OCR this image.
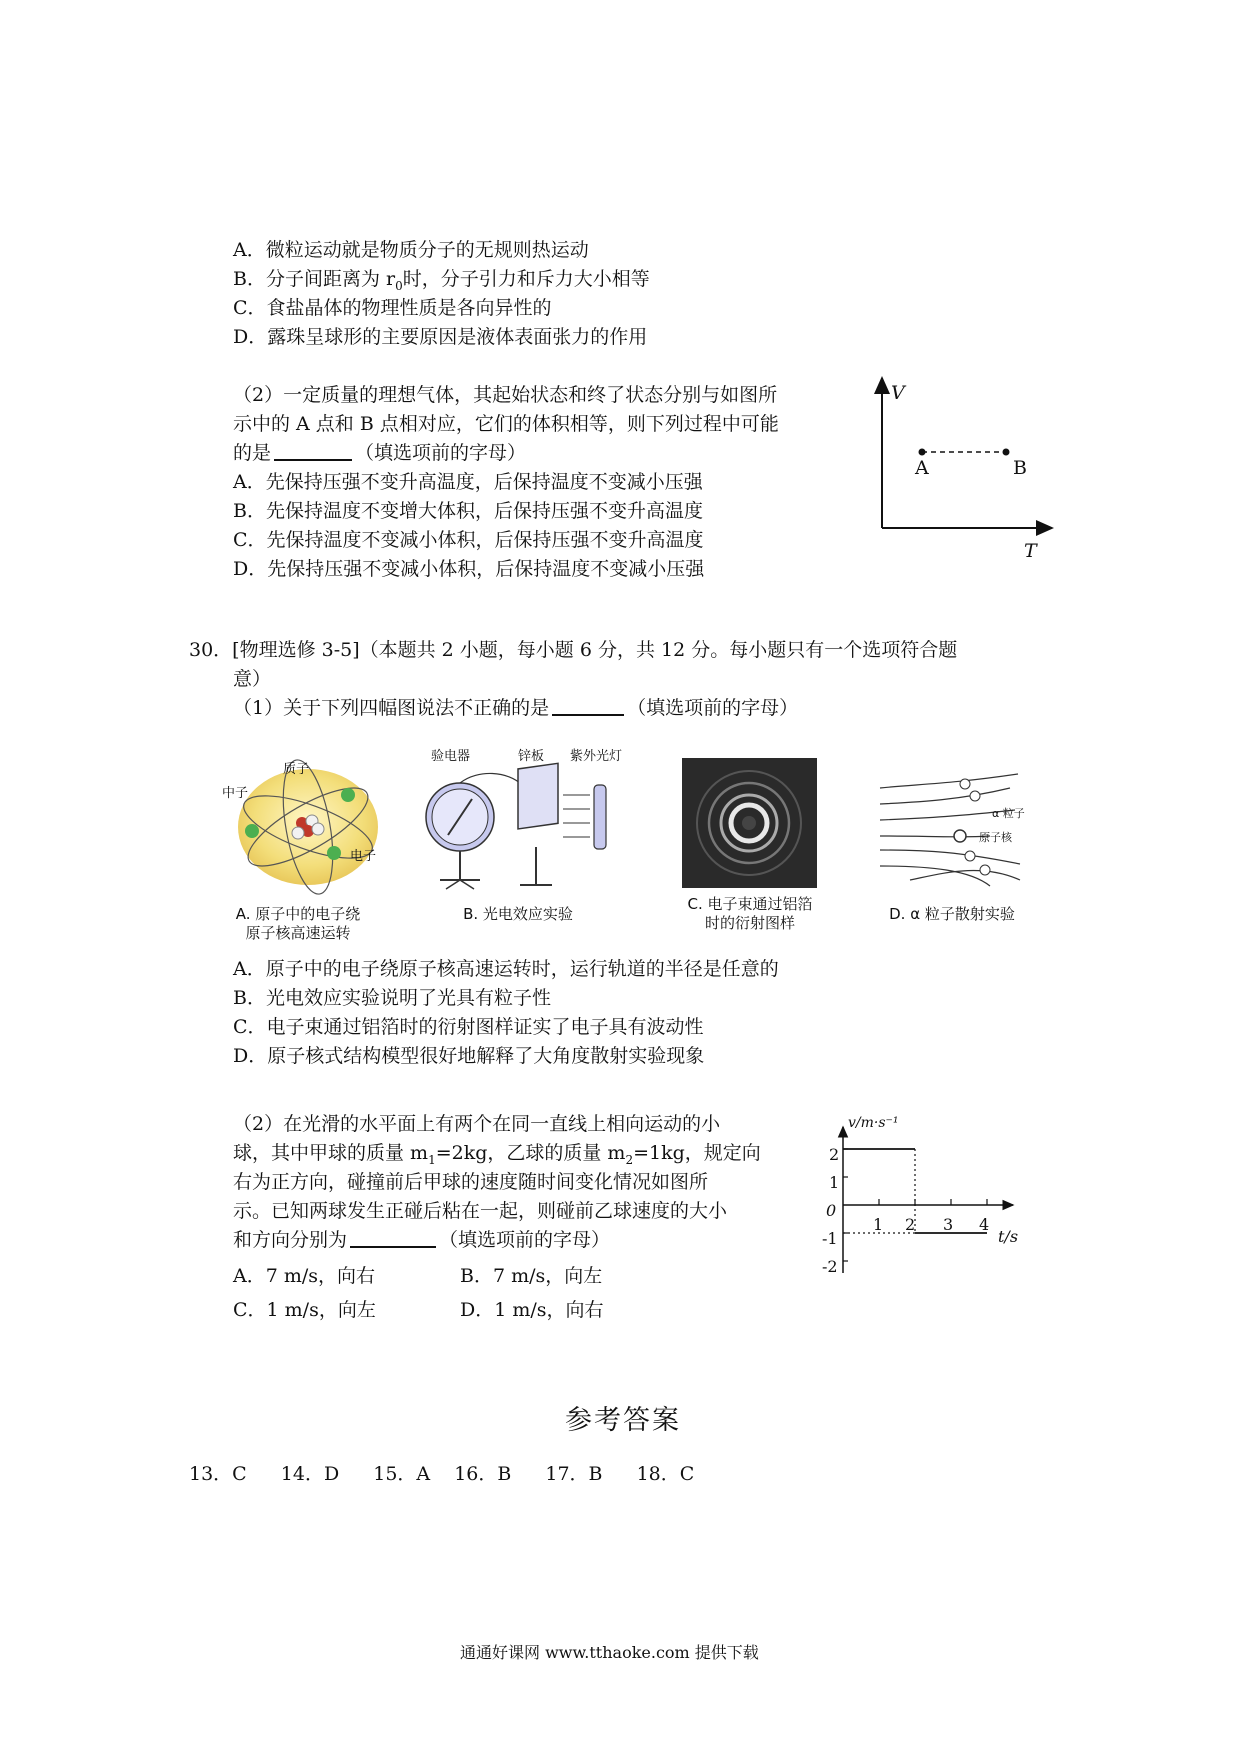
A．微粒运动就是物质分子的无规则热运动
B．分子间距离为 $r_0$时，分子引力和斥力大小相等
C．食盐晶体的物理性质是各向异性的
D．露珠呈球形的主要原因是液体表面张力的作用
（2）一定质量的理想气体，其起始状态和终了状态分别与如图所
示中的 A 点和 B 点相对应，它们的体积相等，则下列过程中可能
的是	（填选项前的字母）
A．先保持压强不变升高温度，后保持温度不变减小压强
B．先保持温度不变增大体积，后保持压强不变升高温度
C．先保持温度不变减小体积，后保持压强不变升高温度
D．先保持压强不变减小体积，后保持温度不变减小压强
V
T
A	B
30．[物理选修 3-5]（本题共 2 小题，每小题 6 分，共 12 分。每小题只有一个选项符合题
意）
（1）关于下列四幅图说法不正确的是	（填选项前的字母）
质子
中子
电子
A. 原子中的电子绕
原子核高速运转
验电器	锌板 紫外光灯
B. 光电效应实验
C. 电子束通过铝箔
时的衍射图样
α 粒子
原子核
D. α 粒子散射实验
A．原子中的电子绕原子核高速运转时，运行轨道的半径是任意的
B．光电效应实验说明了光具有粒子性
C．电子束通过铝箔时的衍射图样证实了电子具有波动性
D．原子核式结构模型很好地解释了大角度散射实验现象
（2）在光滑的水平面上有两个在同一直线上相向运动的小
球，其中甲球的质量 $m_1=2kg$，乙球的质量 $m_2=1kg$，规定向
右为正方向，碰撞前后甲球的速度随时间变化情况如图所
示。已知两球发生正碰后粘在一起，则碰前乙球速度的大小
和方向分别为	（填选项前的字母）
A．7 m/s，向右	B．7 m/s，向左
C．1 m/s，向左	D．1 m/s，向右
v/m·s⁻¹
t/s
2
1
0
-1
-2
1 2 3 4
参考答案
13．C 14．D 15．A 16．B 17．B 18．C
通通好课网 www.tthaoke.com 提供下载
